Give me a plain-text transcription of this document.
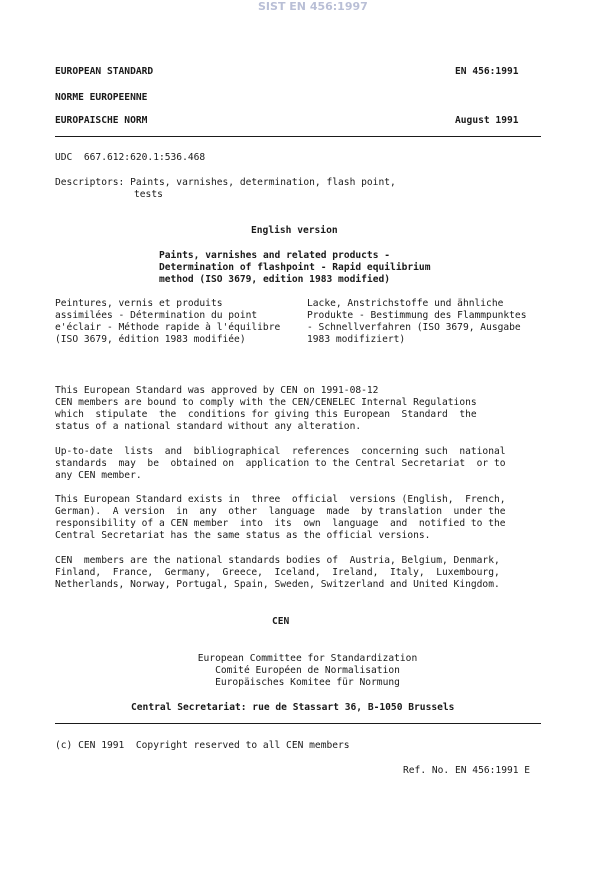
SIST EN 456:1997
EUROPEAN STANDARD
NORME EUROPEENNE
EUROPAISCHE NORM
EN 456:1991
August 1991
UDC  667.612:620.1:536.468
Descriptors: Paints, varnishes, determination, flash point,
tests
English version
Paints, varnishes and related products -
Determination of flashpoint - Rapid equilibrium
method (ISO 3679, edition 1983 modified)
Peintures, vernis et produits
assimilées - Détermination du point
e'éclair - Méthode rapide à l'équilibre
(ISO 3679, édition 1983 modifiée)
Lacke, Anstrichstoffe und ähnliche
Produkte - Bestimmung des Flammpunktes
- Schnellverfahren (ISO 3679, Ausgabe
1983 modifiziert)
This European Standard was approved by CEN on 1991-08-12
CEN members are bound to comply with the CEN/CENELEC Internal Regulations
which  stipulate  the  conditions for giving this European  Standard  the
status of a national standard without any alteration.
Up-to-date  lists  and  bibliographical  references  concerning such  national
standards  may  be  obtained on  application to the Central Secretariat  or to
any CEN member.
This European Standard exists in  three  official  versions (English,  French,
German).  A version  in  any  other  language  made  by translation  under the
responsibility of a CEN member  into  its  own  language  and  notified to the
Central Secretariat has the same status as the official versions.
CEN  members are the national standards bodies of  Austria, Belgium, Denmark,
Finland,  France,  Germany,  Greece,  Iceland,  Ireland,  Italy,  Luxembourg,
Netherlands, Norway, Portugal, Spain, Sweden, Switzerland and United Kingdom.
CEN
European Committee for Standardization
Comité Européen de Normalisation
Europäisches Komitee für Normung
Central Secretariat: rue de Stassart 36, B-1050 Brussels
(c) CEN 1991  Copyright reserved to all CEN members
Ref. No. EN 456:1991 E
